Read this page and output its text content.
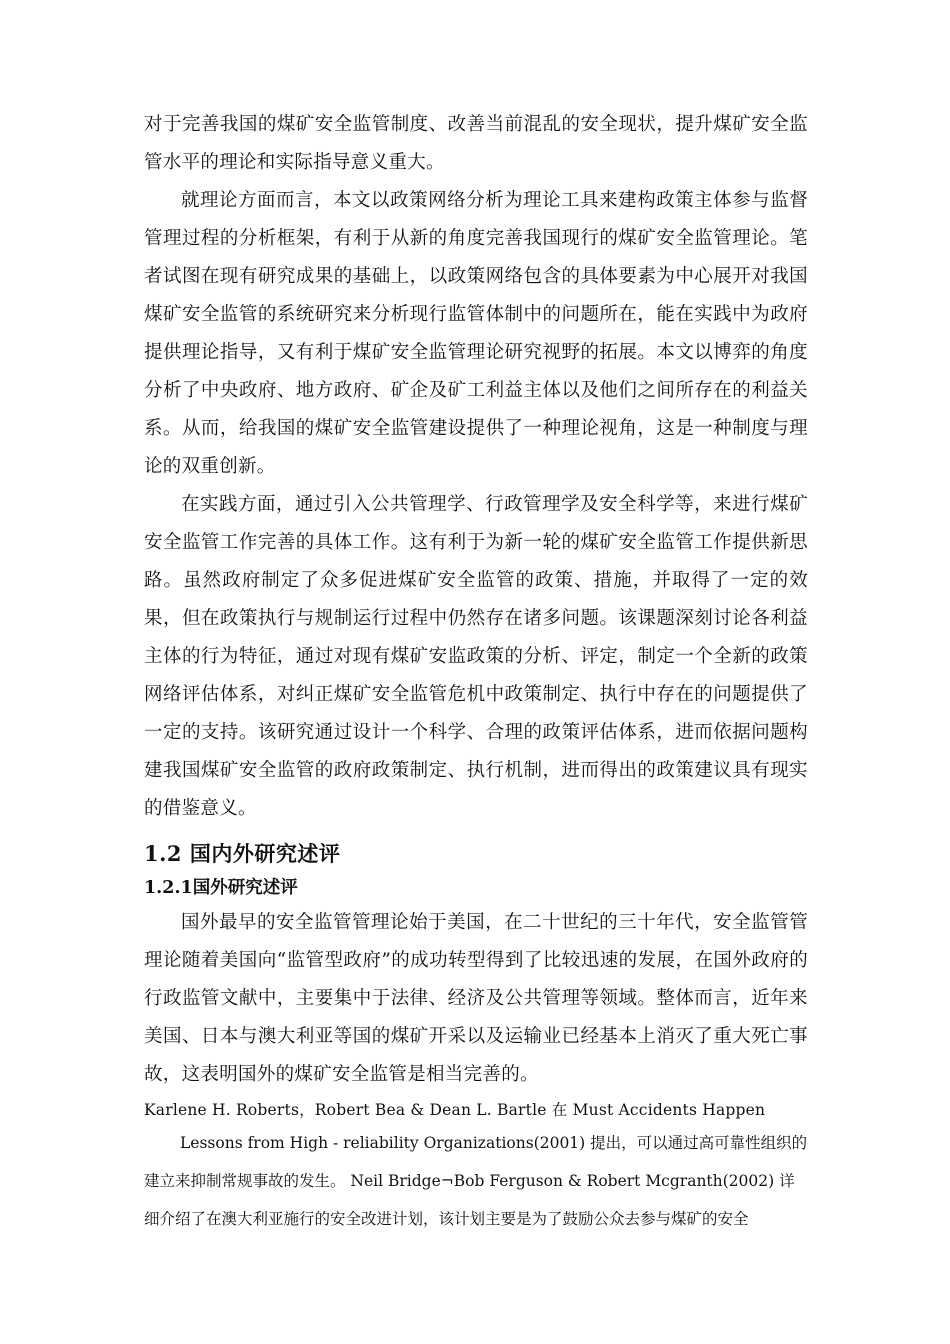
对于完善我国的煤矿安全监管制度、改善当前混乱的安全现状，提升煤矿安全监管水平的理论和实际指导意义重大。

就理论方面而言，本文以政策网络分析为理论工具来建构政策主体参与监督管理过程的分析框架，有利于从新的角度完善我国现行的煤矿安全监管理论。笔者试图在现有研究成果的基础上，以政策网络包含的具体要素为中心展开对我国煤矿安全监管的系统研究来分析现行监管体制中的问题所在，能在实践中为政府提供理论指导，又有利于煤矿安全监管理论研究视野的拓展。本文以博弈的角度分析了中央政府、地方政府、矿企及矿工利益主体以及他们之间所存在的利益关系。从而，给我国的煤矿安全监管建设提供了一种理论视角，这是一种制度与理论的双重创新。

在实践方面，通过引入公共管理学、行政管理学及安全科学等，来进行煤矿安全监管工作完善的具体工作。这有利于为新一轮的煤矿安全监管工作提供新思路。虽然政府制定了众多促进煤矿安全监管的政策、措施，并取得了一定的效果，但在政策执行与规制运行过程中仍然存在诸多问题。该课题深刻讨论各利益主体的行为特征，通过对现有煤矿安监政策的分析、评定，制定一个全新的政策网络评估体系，对纠正煤矿安全监管危机中政策制定、执行中存在的问题提供了一定的支持。该研究通过设计一个科学、合理的政策评估体系，进而依据问题构建我国煤矿安全监管的政府政策制定、执行机制，进而得出的政策建议具有现实的借鉴意义。

1.2 国内外研究述评
1.2.1国外研究述评

国外最早的安全监管管理论始于美国，在二十世纪的三十年代，安全监管管理论随着美国向“监管型政府”的成功转型得到了比较迅速的发展，在国外政府的行政监管文献中，主要集中于法律、经济及公共管理等领域。整体而言，近年来美国、日本与澳大利亚等国的煤矿开采以及运输业已经基本上消灭了重大死亡事故，这表明国外的煤矿安全监管是相当完善的。

Karlene H. Roberts，Robert Bea & Dean L. Bartle 在 Must Accidents Happen
Lessons from High - reliability Organizations(2001) 提出，可以通过高可靠性组织的
建立来抑制常规事故的发生。 Neil Bridge¬Bob Ferguson & Robert Mcgranth(2002) 详
细介绍了在澳大利亚施行的安全改进计划，该计划主要是为了鼓励公众去参与煤矿的安全
